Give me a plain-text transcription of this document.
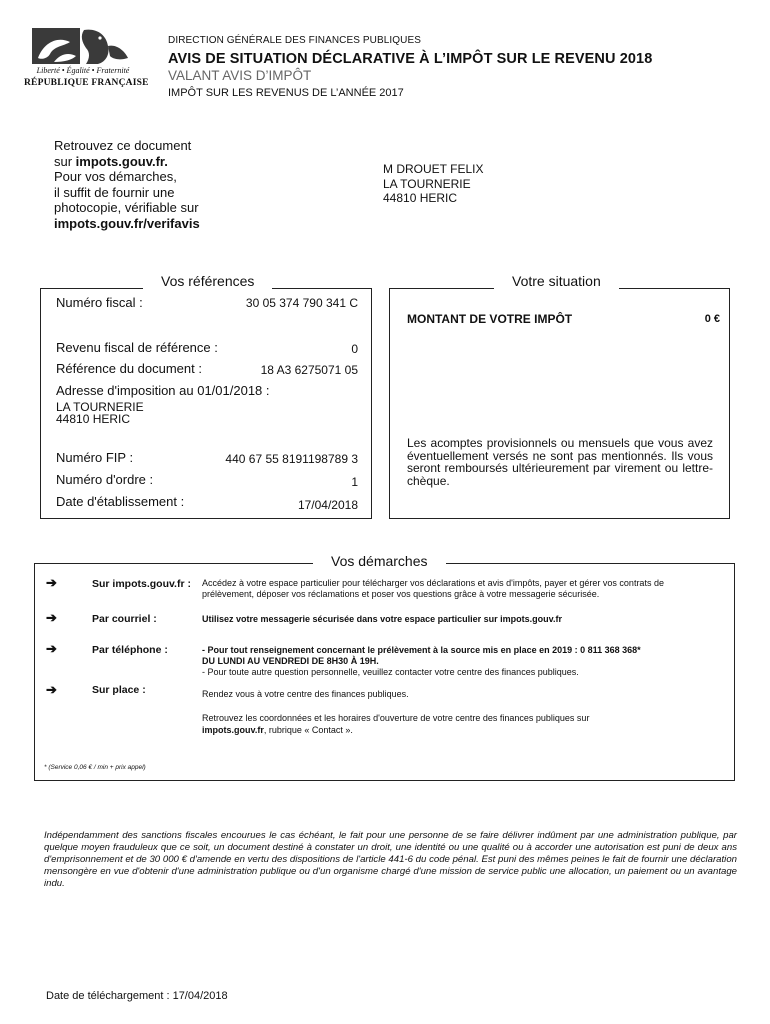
Liberté • Égalité • Fraternité
RÉPUBLIQUE FRANÇAISE
DIRECTION GÉNÉRALE DES FINANCES PUBLIQUES
AVIS DE SITUATION DÉCLARATIVE À L’IMPÔT SUR LE REVENU 2018
VALANT AVIS D’IMPÔT
IMPÔT SUR LES REVENUS DE L’ANNÉE 2017
Retrouvez ce document
sur impots.gouv.fr.
Pour vos démarches,
il suffit de fournir une
photocopie, vérifiable sur
impots.gouv.fr/verifavis
M DROUET FELIX
LA TOURNERIE
44810 HERIC
Vos références
Numéro fiscal :	30 05 374 790 341 C
Revenu fiscal de référence :	0
Référence du document :	18 A3 6275071 05
Adresse d'imposition au 01/01/2018 :
LA TOURNERIE
44810 HERIC
Numéro FIP :	440 67 55 8191198789 3
Numéro d'ordre :	1
Date d'établissement :	17/04/2018
Votre situation
MONTANT DE VOTRE IMPÔT	0 €
Les acomptes provisionnels ou mensuels que vous avez éventuellement versés ne sont pas mentionnés. Ils vous seront remboursés ultérieurement par virement ou lettre-chèque.
Vos démarches
➔	Sur impots.gouv.fr : Accédez à votre espace particulier pour télécharger vos déclarations et avis d'impôts, payer et gérer vos contrats de
prélèvement, déposer vos réclamations et poser vos questions grâce à votre messagerie sécurisée.
➔	Par courriel :	Utilisez votre messagerie sécurisée dans votre espace particulier sur impots.gouv.fr
➔	Par téléphone :	- Pour tout renseignement concernant le prélèvement à la source mis en place en 2019 : 0 811 368 368*
DU LUNDI AU VENDREDI DE 8H30 À 19H.
- Pour toute autre question personnelle, veuillez contacter votre centre des finances publiques.
➔	Sur place :	Rendez vous à votre centre des finances publiques.
Retrouvez les coordonnées et les horaires d'ouverture de votre centre des finances publiques sur
impots.gouv.fr, rubrique « Contact ».
* (Service 0,06 € / min + prix appel)
Indépendamment des sanctions fiscales encourues le cas échéant, le fait pour une personne de se faire délivrer indûment par une administration publique, par quelque moyen frauduleux que ce soit, un document destiné à constater un droit, une identité ou une qualité ou à accorder une autorisation est puni de deux ans d'emprisonnement et de 30 000 € d'amende en vertu des dispositions de l'article 441-6 du code pénal. Est puni des mêmes peines le fait de fournir une déclaration mensongère en vue d'obtenir d'une administration publique ou d'un organisme chargé d'une mission de service public une allocation, un paiement ou un avantage indu.
Date de téléchargement : 17/04/2018
